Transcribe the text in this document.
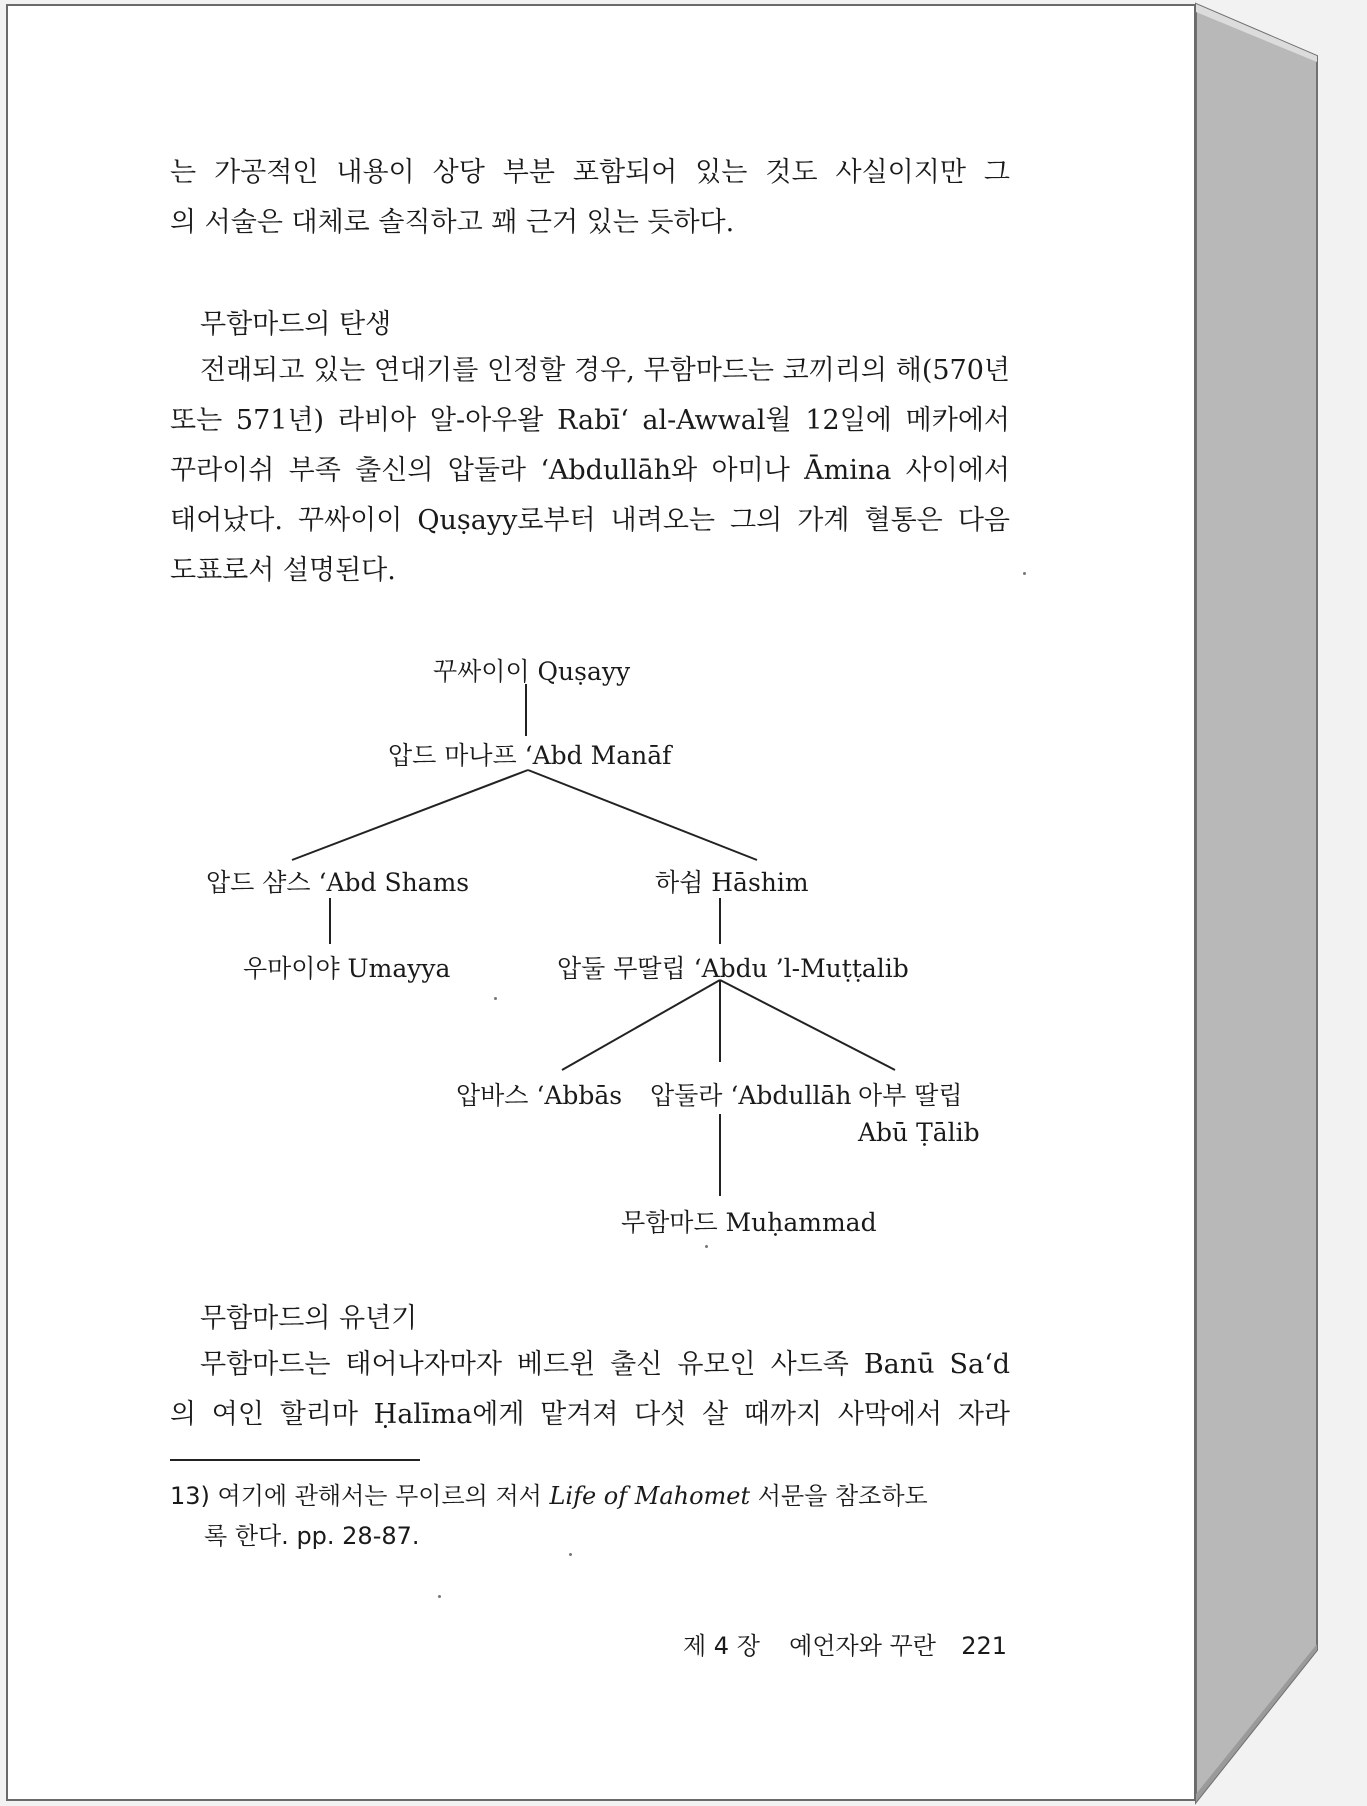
는 가공적인 내용이 상당 부분 포함되어 있는 것도 사실이지만 그
의 서술은 대체로 솔직하고 꽤 근거 있는 듯하다.
무함마드의 탄생
전래되고 있는 연대기를 인정할 경우, 무함마드는 코끼리의 해(570년
또는 571년) 라비아 알-아우왈 Rabī‘ al-Awwal월 12일에 메카에서
꾸라이쉬 부족 출신의 압둘라 ‘Abdullāh와 아미나 Āmina 사이에서
태어났다. 꾸싸이이 Quṣayy로부터 내려오는 그의 가계 혈통은 다음
도표로서 설명된다.
꾸싸이이 Quṣayy
압드 마나프 ‘Abd Manāf
압드 샴스 ‘Abd Shams	하쉼 Hāshim
우마이야 Umayya	압둘 무딸립 ‘Abdu ’l-Muṭṭalib
압바스 ‘Abbās 압둘라 ‘Abdullāh 아부 딸립
Abū Ṭālib
무함마드 Muḥammad
무함마드의 유년기
무함마드는 태어나자마자 베드윈 출신 유모인 사드족 Banū Sa‘d
의 여인 할리마 Ḥalīma에게 맡겨져 다섯 살 때까지 사막에서 자라
13) 여기에 관해서는 무이르의 저서 Life of Mahomet 서문을 참조하도
록 한다. pp. 28-87.
제 4 장 예언자와 꾸란 221
